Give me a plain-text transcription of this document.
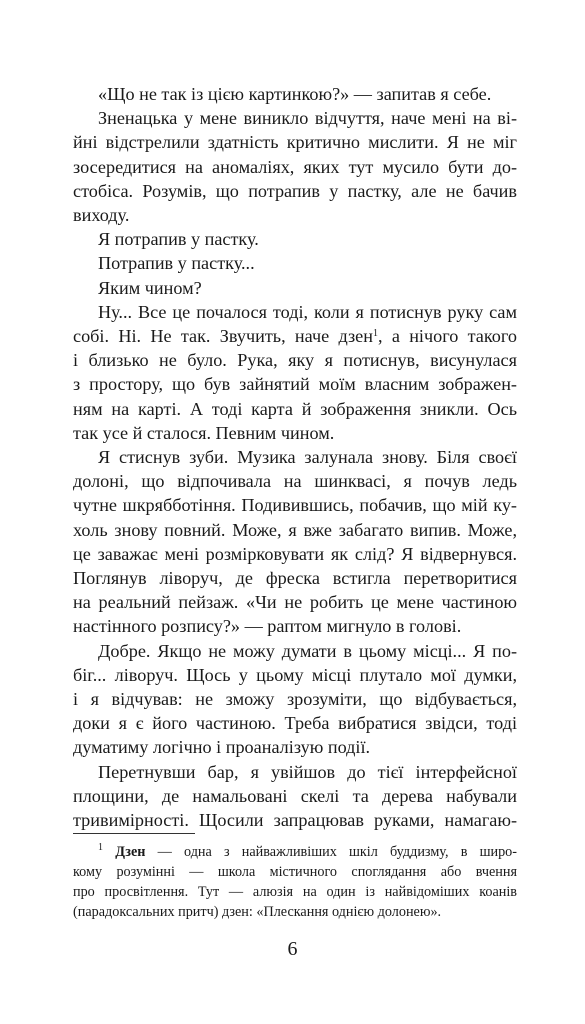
«Що не так із цією картинкою?» — запитав я себе.
Зненацька у мене виникло відчуття, наче мені на ві-
йні відстрелили здатність критично мислити. Я не міг
зосередитися на аномаліях, яких тут мусило бути до-
стобіса. Розумів, що потрапив у пастку, але не бачив
виходу.
Я потрапив у пастку.
Потрапив у пастку...
Яким чином?
Ну... Все це почалося тоді, коли я потиснув руку сам
собі. Ні. Не так. Звучить, наче дзен$^1$, а нічого такого
і близько не було. Рука, яку я потиснув, висунулася
з простору, що був зайнятий моїм власним зображен-
ням на карті. А тоді карта й зображення зникли. Ось
так усе й сталося. Певним чином.
Я стиснув зуби. Музика залунала знову. Біля своєї
долоні, що відпочивала на шинквасі, я почув ледь
чутне шкрябботіння. Подивившись, побачив, що мій ку-
холь знову повний. Може, я вже забагато випив. Може,
це заважає мені розмірковувати як слід? Я відвернувся.
Поглянув ліворуч, де фреска встигла перетворитися
на реальний пейзаж. «Чи не робить це мене частиною
настінного розпису?» — раптом мигнуло в голові.
Добре. Якщо не можу думати в цьому місці... Я по-
біг... ліворуч. Щось у цьому місці плутало мої думки,
і я відчував: не зможу зрозуміти, що відбувається,
доки я є його частиною. Треба вибратися звідси, тоді
думатиму логічно і проаналізую події.
Перетнувши бар, я увійшов до тієї інтерфейсної
площини, де намальовані скелі та дерева набували
тривимірності. Щосили запрацював руками, намагаю-
$^1$ Дзен — одна з найважливіших шкіл буддизму, в широ-
кому розумінні — школа містичного споглядання або вчення
про просвітлення. Тут — алюзія на один із найвідоміших коанів
(парадоксальних притч) дзен: «Плескання однією долонею».
6
